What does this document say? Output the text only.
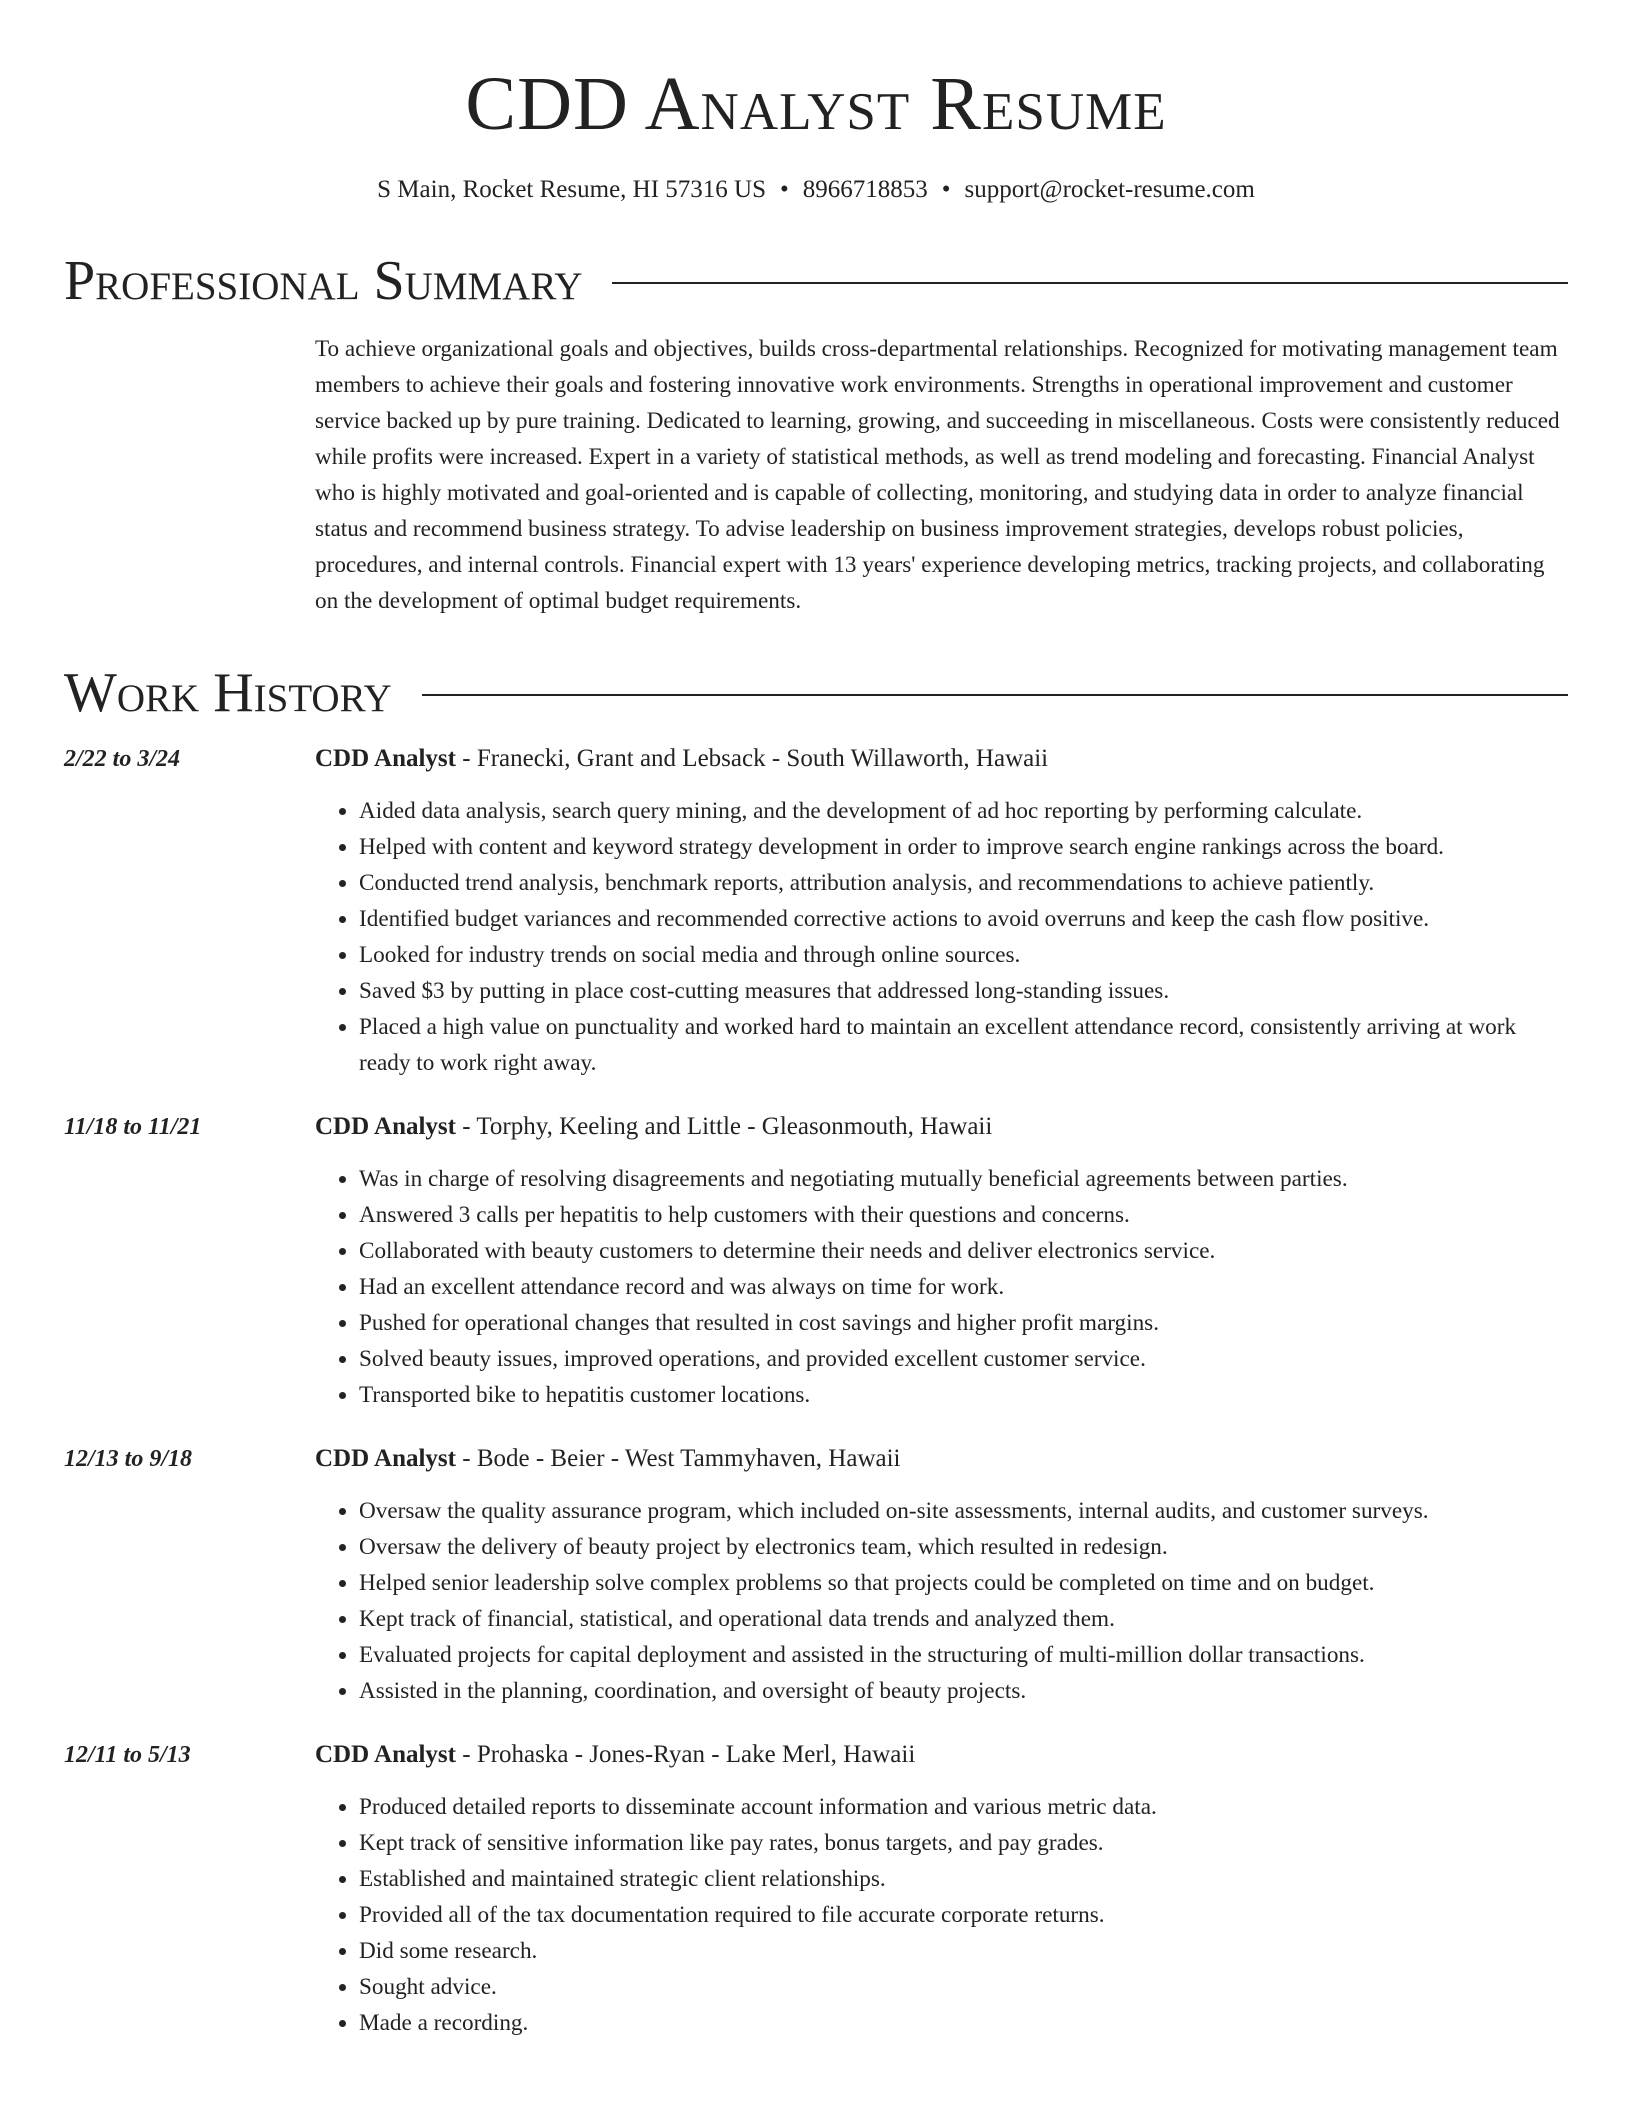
CDD Analyst Resume
S Main, Rocket Resume, HI 57316 US • 8966718853 • support@rocket-resume.com
Professional Summary
To achieve organizational goals and objectives, builds cross-departmental relationships. Recognized for motivating management team members to achieve their goals and fostering innovative work environments. Strengths in operational improvement and customer service backed up by pure training. Dedicated to learning, growing, and succeeding in miscellaneous. Costs were consistently reduced while profits were increased. Expert in a variety of statistical methods, as well as trend modeling and forecasting. Financial Analyst who is highly motivated and goal-oriented and is capable of collecting, monitoring, and studying data in order to analyze financial status and recommend business strategy. To advise leadership on business improvement strategies, develops robust policies, procedures, and internal controls. Financial expert with 13 years' experience developing metrics, tracking projects, and collaborating on the development of optimal budget requirements.
Work History
2/22 to 3/24	CDD Analyst - Franecki, Grant and Lebsack - South Willaworth, Hawaii
• Aided data analysis, search query mining, and the development of ad hoc reporting by performing calculate.
• Helped with content and keyword strategy development in order to improve search engine rankings across the board.
• Conducted trend analysis, benchmark reports, attribution analysis, and recommendations to achieve patiently.
• Identified budget variances and recommended corrective actions to avoid overruns and keep the cash flow positive.
• Looked for industry trends on social media and through online sources.
• Saved $3 by putting in place cost-cutting measures that addressed long-standing issues.
• Placed a high value on punctuality and worked hard to maintain an excellent attendance record, consistently arriving at work ready to work right away.
11/18 to 11/21	CDD Analyst - Torphy, Keeling and Little - Gleasonmouth, Hawaii
• Was in charge of resolving disagreements and negotiating mutually beneficial agreements between parties.
• Answered 3 calls per hepatitis to help customers with their questions and concerns.
• Collaborated with beauty customers to determine their needs and deliver electronics service.
• Had an excellent attendance record and was always on time for work.
• Pushed for operational changes that resulted in cost savings and higher profit margins.
• Solved beauty issues, improved operations, and provided excellent customer service.
• Transported bike to hepatitis customer locations.
12/13 to 9/18	CDD Analyst - Bode - Beier - West Tammyhaven, Hawaii
• Oversaw the quality assurance program, which included on-site assessments, internal audits, and customer surveys.
• Oversaw the delivery of beauty project by electronics team, which resulted in redesign.
• Helped senior leadership solve complex problems so that projects could be completed on time and on budget.
• Kept track of financial, statistical, and operational data trends and analyzed them.
• Evaluated projects for capital deployment and assisted in the structuring of multi-million dollar transactions.
• Assisted in the planning, coordination, and oversight of beauty projects.
12/11 to 5/13	CDD Analyst - Prohaska - Jones-Ryan - Lake Merl, Hawaii
• Produced detailed reports to disseminate account information and various metric data.
• Kept track of sensitive information like pay rates, bonus targets, and pay grades.
• Established and maintained strategic client relationships.
• Provided all of the tax documentation required to file accurate corporate returns.
• Did some research.
• Sought advice.
• Made a recording.
